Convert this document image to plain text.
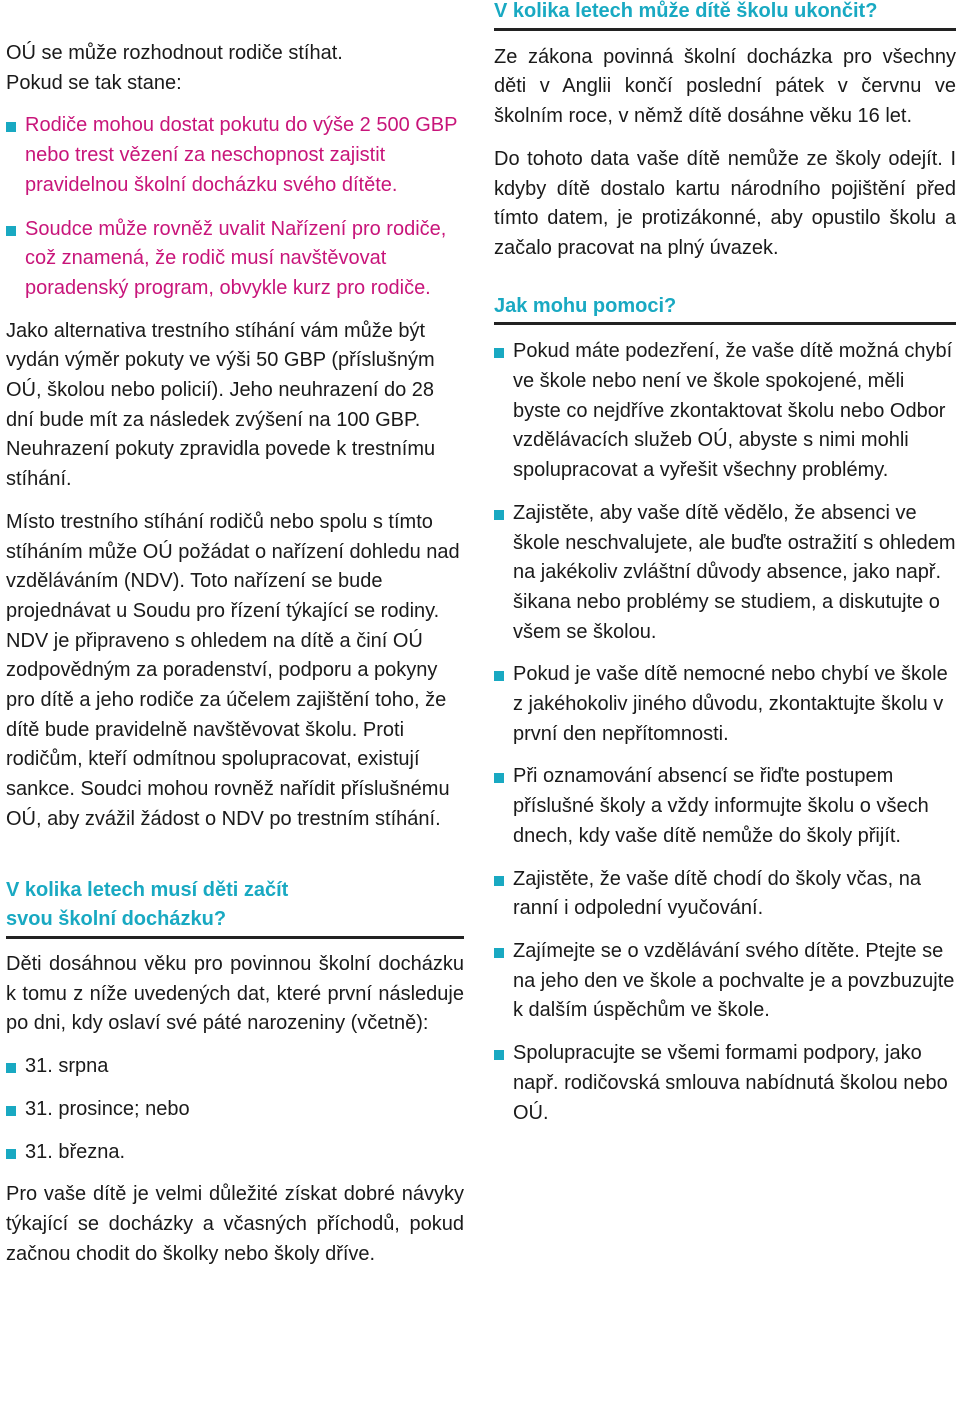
OÚ se může rozhodnout rodiče stíhat.

Pokud se tak stane:

Rodiče mohou dostat pokutu do výše 2 500 GBP nebo trest vězení za neschopnost zajistit pravidelnou školní docházku svého dítěte.
Soudce může rovněž uvalit Nařízení pro rodiče, což znamená, že rodič musí navštěvovat poradenský program, obvykle kurz pro rodiče.

Jako alternativa trestního stíhání vám může být vydán výměr pokuty ve výši 50 GBP (příslušným OÚ, školou nebo policií). Jeho neuhrazení do 28 dní bude mít za následek zvýšení na 100 GBP. Neuhrazení pokuty zpravidla povede k trestnímu stíhání.

Místo trestního stíhání rodičů nebo spolu s tímto stíháním může OÚ požádat o nařízení dohledu nad vzděláváním (NDV). Toto nařízení se bude projednávat u Soudu pro řízení týkající se rodiny. NDV je připraveno s ohledem na dítě a činí OÚ zodpovědným za poradenství, podporu a pokyny pro dítě a jeho rodiče za účelem zajištění toho, že dítě bude pravidelně navštěvovat školu. Proti rodičům, kteří odmítnou spolupracovat, existují sankce. Soudci mohou rovněž nařídit příslušnému OÚ, aby zvážil žádost o NDV po trestním stíhání.

V kolika letech musí děti začít
svou školní docházku?

Děti dosáhnou věku pro povinnou školní docházku k tomu z níže uvedených dat, které první následuje po dni, kdy oslaví své páté narozeniny (včetně):

31. srpna
31. prosince; nebo
31. března.

Pro vaše dítě je velmi důležité získat dobré návyky týkající se docházky a včasných příchodů, pokud začnou chodit do školky nebo školy dříve.

V kolika letech může dítě školu ukončit?

Ze zákona povinná školní docházka pro všechny děti v Anglii končí poslední pátek v červnu ve školním roce, v němž dítě dosáhne věku 16 let.

Do tohoto data vaše dítě nemůže ze školy odejít. I kdyby dítě dostalo kartu národního pojištění před tímto datem, je protizákonné, aby opustilo školu a začalo pracovat na plný úvazek.

Jak mohu pomoci?
Pokud máte podezření, že vaše dítě možná chybí ve škole nebo není ve škole spokojené, měli byste co nejdříve zkontaktovat školu nebo Odbor vzdělávacích služeb OÚ, abyste s nimi mohli spolupracovat a vyřešit všechny problémy.
Zajistěte, aby vaše dítě vědělo, že absenci ve škole neschvalujete, ale buďte ostražití s ohledem na jakékoliv zvláštní důvody absence, jako např. šikana nebo problémy se studiem, a diskutujte o všem se školou.
Pokud je vaše dítě nemocné nebo chybí ve škole z jakéhokoliv jiného důvodu, zkontaktujte školu v první den nepřítomnosti.
Při oznamování absencí se řiďte postupem příslušné školy a vždy informujte školu o všech dnech, kdy vaše dítě nemůže do školy přijít.
Zajistěte, že vaše dítě chodí do školy včas, na ranní i odpolední vyučování.
Zajímejte se o vzdělávání svého dítěte. Ptejte se na jeho den ve škole a pochvalte je a povzbuzujte k dalším úspěchům ve škole.
Spolupracujte se všemi formami podpory, jako např. rodičovská smlouva nabídnutá školou nebo OÚ.
